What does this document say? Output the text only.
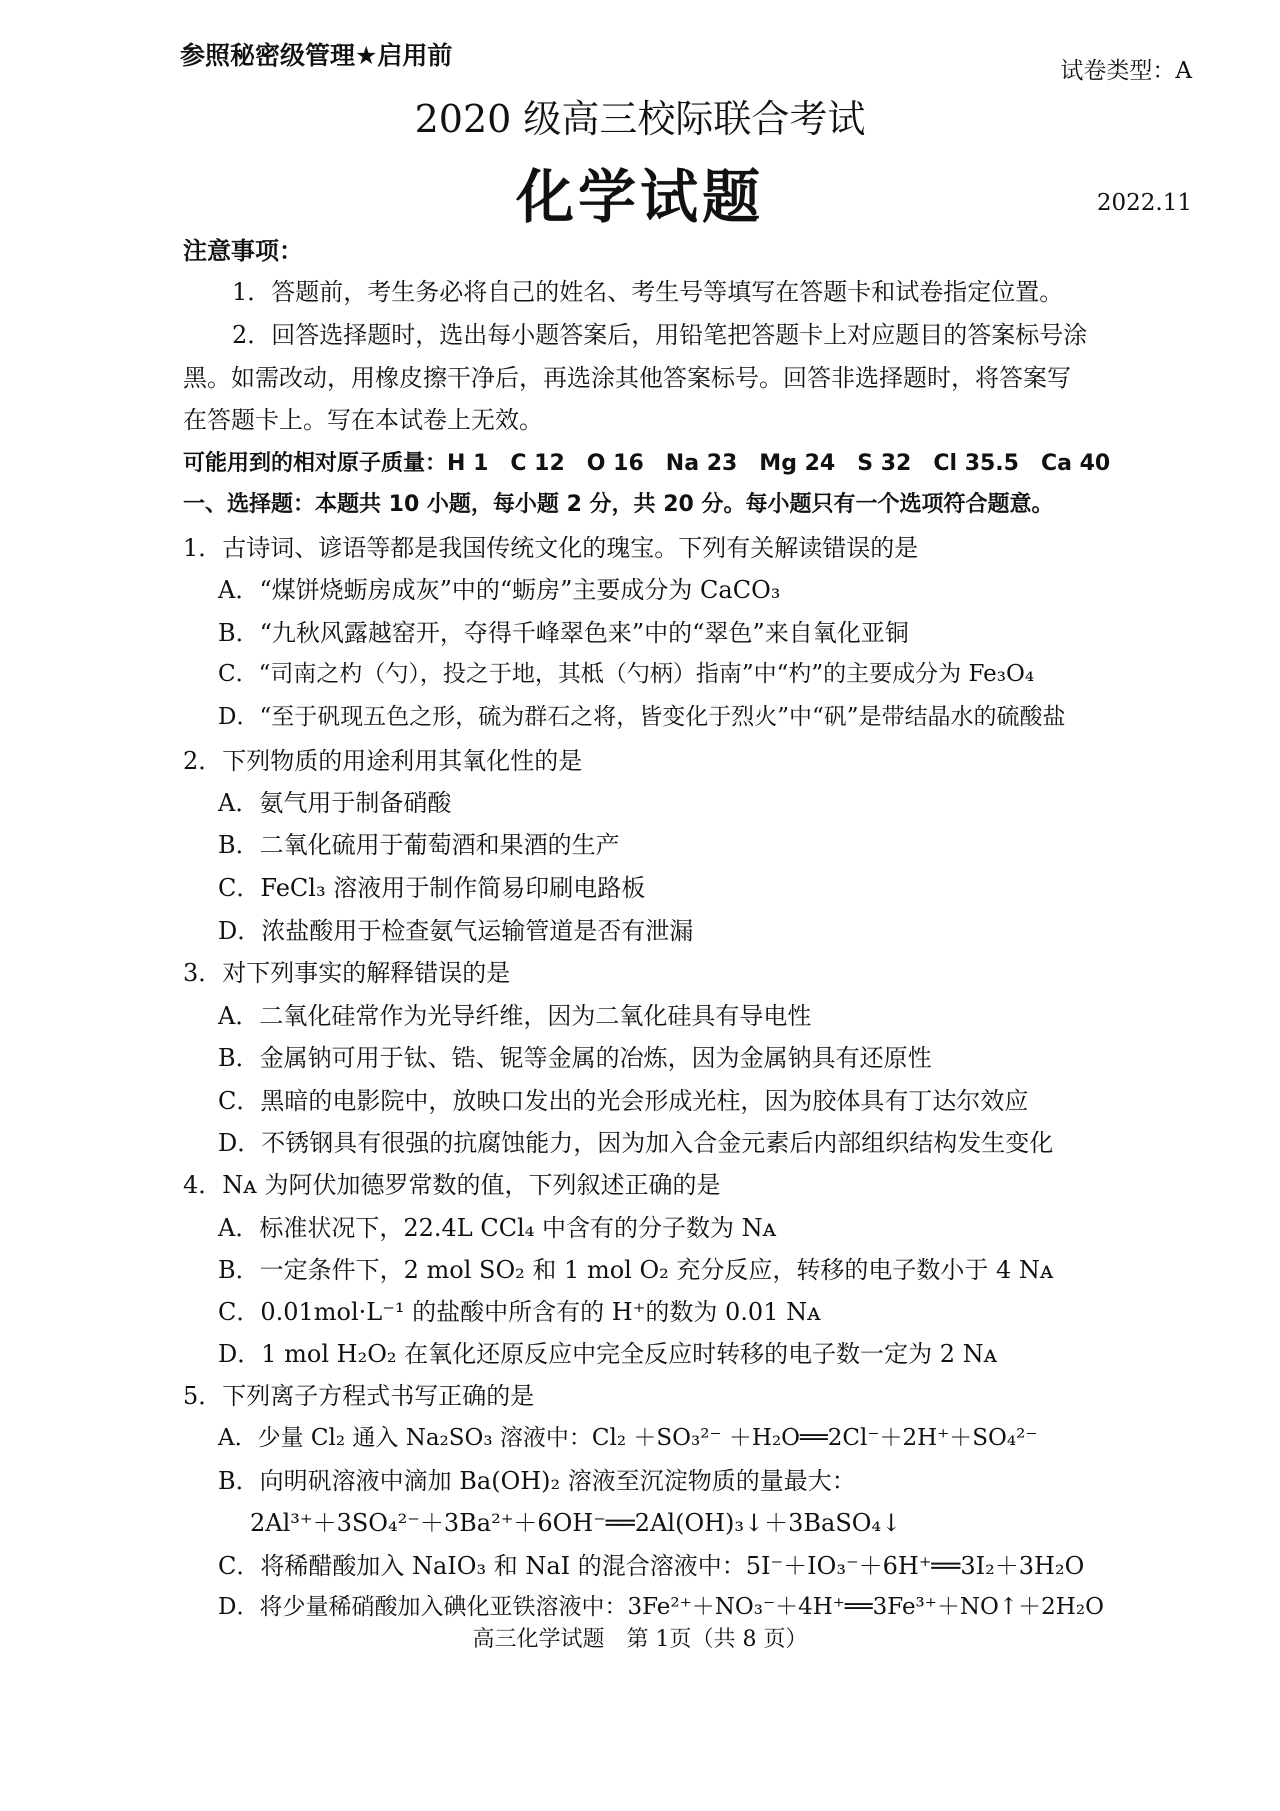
参照秘密级管理★启用前
试卷类型：A
2020 级高三校际联合考试
化学试题	2022.11
注意事项：
1．答题前，考生务必将自己的姓名、考生号等填写在答题卡和试卷指定位置。
2．回答选择题时，选出每小题答案后，用铅笔把答题卡上对应题目的答案标号涂
黑。如需改动，用橡皮擦干净后，再选涂其他答案标号。回答非选择题时，将答案写
在答题卡上。写在本试卷上无效。
可能用到的相对原子质量：H 1　C 12　O 16　Na 23　Mg 24　S 32　Cl 35.5　Ca 40
一、选择题：本题共 10 小题，每小题 2 分，共 20 分。每小题只有一个选项符合题意。
1．古诗词、谚语等都是我国传统文化的瑰宝。下列有关解读错误的是
A．“煤饼烧蛎房成灰”中的“蛎房”主要成分为 CaCO₃
B．“九秋风露越窑开，夺得千峰翠色来”中的“翠色”来自氧化亚铜
C．“司南之杓（勺），投之于地，其柢（勺柄）指南”中“杓”的主要成分为 Fe₃O₄
D．“至于矾现五色之形，硫为群石之将，皆变化于烈火”中“矾”是带结晶水的硫酸盐
2．下列物质的用途利用其氧化性的是
A．氨气用于制备硝酸
B．二氧化硫用于葡萄酒和果酒的生产
C．FeCl₃ 溶液用于制作简易印刷电路板
D．浓盐酸用于检查氨气运输管道是否有泄漏
3．对下列事实的解释错误的是
A．二氧化硅常作为光导纤维，因为二氧化硅具有导电性
B．金属钠可用于钛、锆、铌等金属的冶炼，因为金属钠具有还原性
C．黑暗的电影院中，放映口发出的光会形成光柱，因为胶体具有丁达尔效应
D．不锈钢具有很强的抗腐蚀能力，因为加入合金元素后内部组织结构发生变化
4．Nᴀ 为阿伏加德罗常数的值，下列叙述正确的是
A．标准状况下，22.4L CCl₄ 中含有的分子数为 Nᴀ
B．一定条件下，2 mol SO₂ 和 1 mol O₂ 充分反应，转移的电子数小于 4 Nᴀ
C．0.01mol·L⁻¹ 的盐酸中所含有的 H⁺的数为 0.01 Nᴀ
D．1 mol H₂O₂ 在氧化还原反应中完全反应时转移的电子数一定为 2 Nᴀ
5．下列离子方程式书写正确的是
A．少量 Cl₂ 通入 Na₂SO₃ 溶液中：Cl₂ ＋SO₃²⁻ ＋H₂O══2Cl⁻＋2H⁺＋SO₄²⁻
B．向明矾溶液中滴加 Ba(OH)₂ 溶液至沉淀物质的量最大：
2Al³⁺＋3SO₄²⁻＋3Ba²⁺＋6OH⁻══2Al(OH)₃↓＋3BaSO₄↓
C．将稀醋酸加入 NaIO₃ 和 NaI 的混合溶液中：5I⁻＋IO₃⁻＋6H⁺══3I₂＋3H₂O
D．将少量稀硝酸加入碘化亚铁溶液中：3Fe²⁺＋NO₃⁻＋4H⁺══3Fe³⁺＋NO↑＋2H₂O
高三化学试题　第 1页（共 8 页）
